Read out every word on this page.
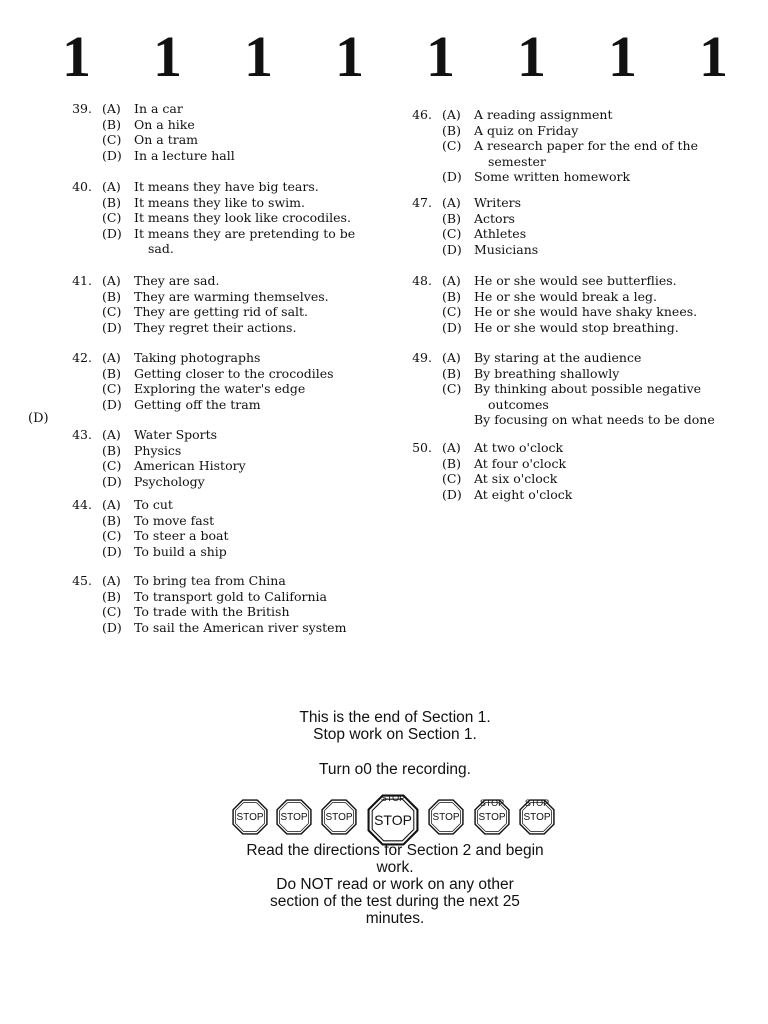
1 1 1 1 1 1 1 1
39. (A) In a car
(B) On a hike
(C) On a tram
(D) In a lecture hall
40. (A) It means they have big tears.
(B) It means they like to swim.
(C) It means they look like crocodiles.
(D) It means they are pretending to be
sad.
41. (A) They are sad.
(B) They are warming themselves.
(C) They are getting rid of salt.
(D) They regret their actions.
42. (A) Taking photographs
(B) Getting closer to the crocodiles
(C) Exploring the water's edge
(D) Getting off the tram
43. (A) Water Sports
(B) Physics
(C) American History
(D) Psychology
44. (A) To cut
(B) To move fast
(C) To steer a boat
(D) To build a ship
45. (A) To bring tea from China
(B) To transport gold to California
(C) To trade with the British
(D) To sail the American river system
46. (A) A reading assignment
(B) A quiz on Friday
(C) A research paper for the end of the
semester
(D) Some written homework
47. (A) Writers
(B) Actors
(C) Athletes
(D) Musicians
48. (A) He or she would see butterflies.
(B) He or she would break a leg.
(C) He or she would have shaky knees.
(D) He or she would stop breathing.
49. (A) By staring at the audience
(B) By breathing shallowly
(C) By thinking about possible negative
outcomes
By focusing on what needs to be done
50. (A) At two o'clock
(B) At four o'clock
(C) At six o'clock
(D) At eight o'clock
(D)
This is the end of Section 1.
Stop work on Section 1.
Turn o0 the recording.
STOP STOP STOP STOP
STOP
STOP STOP
STOP
STOP
STOP
Read the directions for Section 2 and begin
work.
Do NOT read or work on any other
section of the test during the next 25
minutes.
